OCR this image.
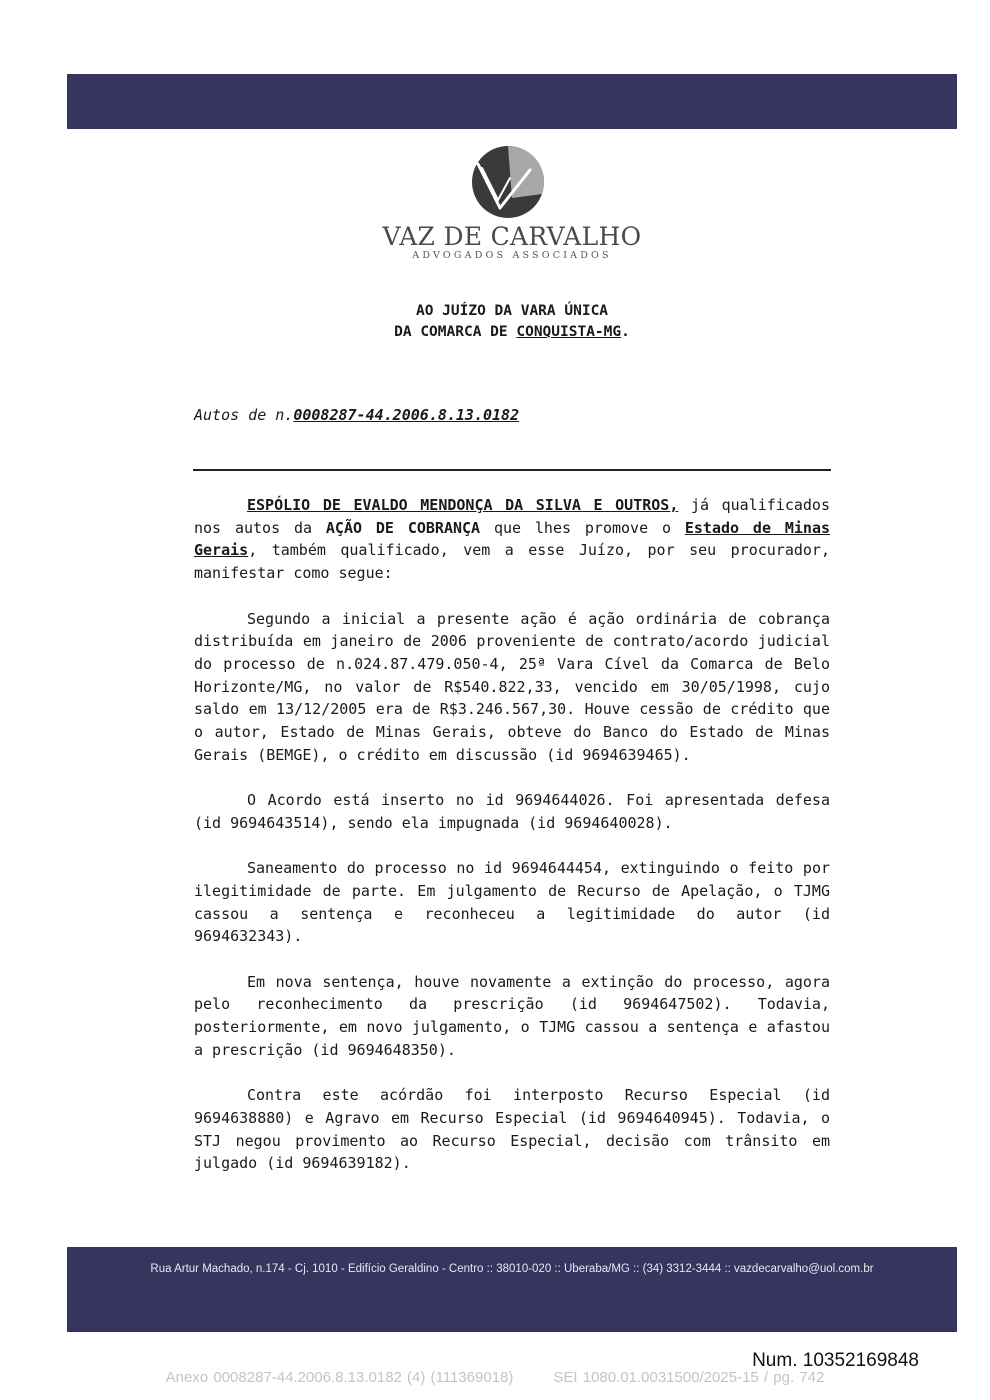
VAZ DE CARVALHO
ADVOGADOS ASSOCIADOS
AO JUÍZO DA VARA ÚNICA
DA COMARCA DE CONQUISTA-MG.
Autos de n.0008287-44.2006.8.13.0182

ESPÓLIO DE EVALDO MENDONÇA DA SILVA E OUTROS, já qualificados nos autos da AÇÃO DE COBRANÇA que lhes promove o Estado de Minas Gerais, também qualificado, vem a esse Juízo, por seu procurador, manifestar como segue:

Segundo a inicial a presente ação é ação ordinária de cobrança distribuída em janeiro de 2006 proveniente de contrato/acordo judicial do processo de n.024.87.479.050-4, 25ª Vara Cível da Comarca de Belo Horizonte/MG, no valor de R$540.822,33, vencido em 30/05/1998, cujo saldo em 13/12/2005 era de R$3.246.567,30. Houve cessão de crédito que o autor, Estado de Minas Gerais, obteve do Banco do Estado de Minas Gerais (BEMGE), o crédito em discussão (id 9694639465).

O Acordo está inserto no id 9694644026. Foi apresentada defesa (id 9694643514), sendo ela impugnada (id 9694640028).

Saneamento do processo no id 9694644454, extinguindo o feito por ilegitimidade de parte. Em julgamento de Recurso de Apelação, o TJMG cassou a sentença e reconheceu a legitimidade do autor (id 9694632343).

Em nova sentença, houve novamente a extinção do processo, agora pelo reconhecimento da prescrição (id 9694647502). Todavia, posteriormente, em novo julgamento, o TJMG cassou a sentença e afastou a prescrição (id 9694648350).

Contra este acórdão foi interposto Recurso Especial (id 9694638880) e Agravo em Recurso Especial (id 9694640945). Todavia, o STJ negou provimento ao Recurso Especial, decisão com trânsito em julgado (id 9694639182).

Rua Artur Machado, n.174 - Cj. 1010 - Edifício Geraldino - Centro :: 38010-020 :: Uberaba/MG :: (34) 3312-3444 :: vazdecarvalho@uol.com.br
Num. 10352169848
Anexo 0008287-44.2006.8.13.0182 (4) (111369018)	SEI 1080.01.0031500/2025-15 / pg. 742
